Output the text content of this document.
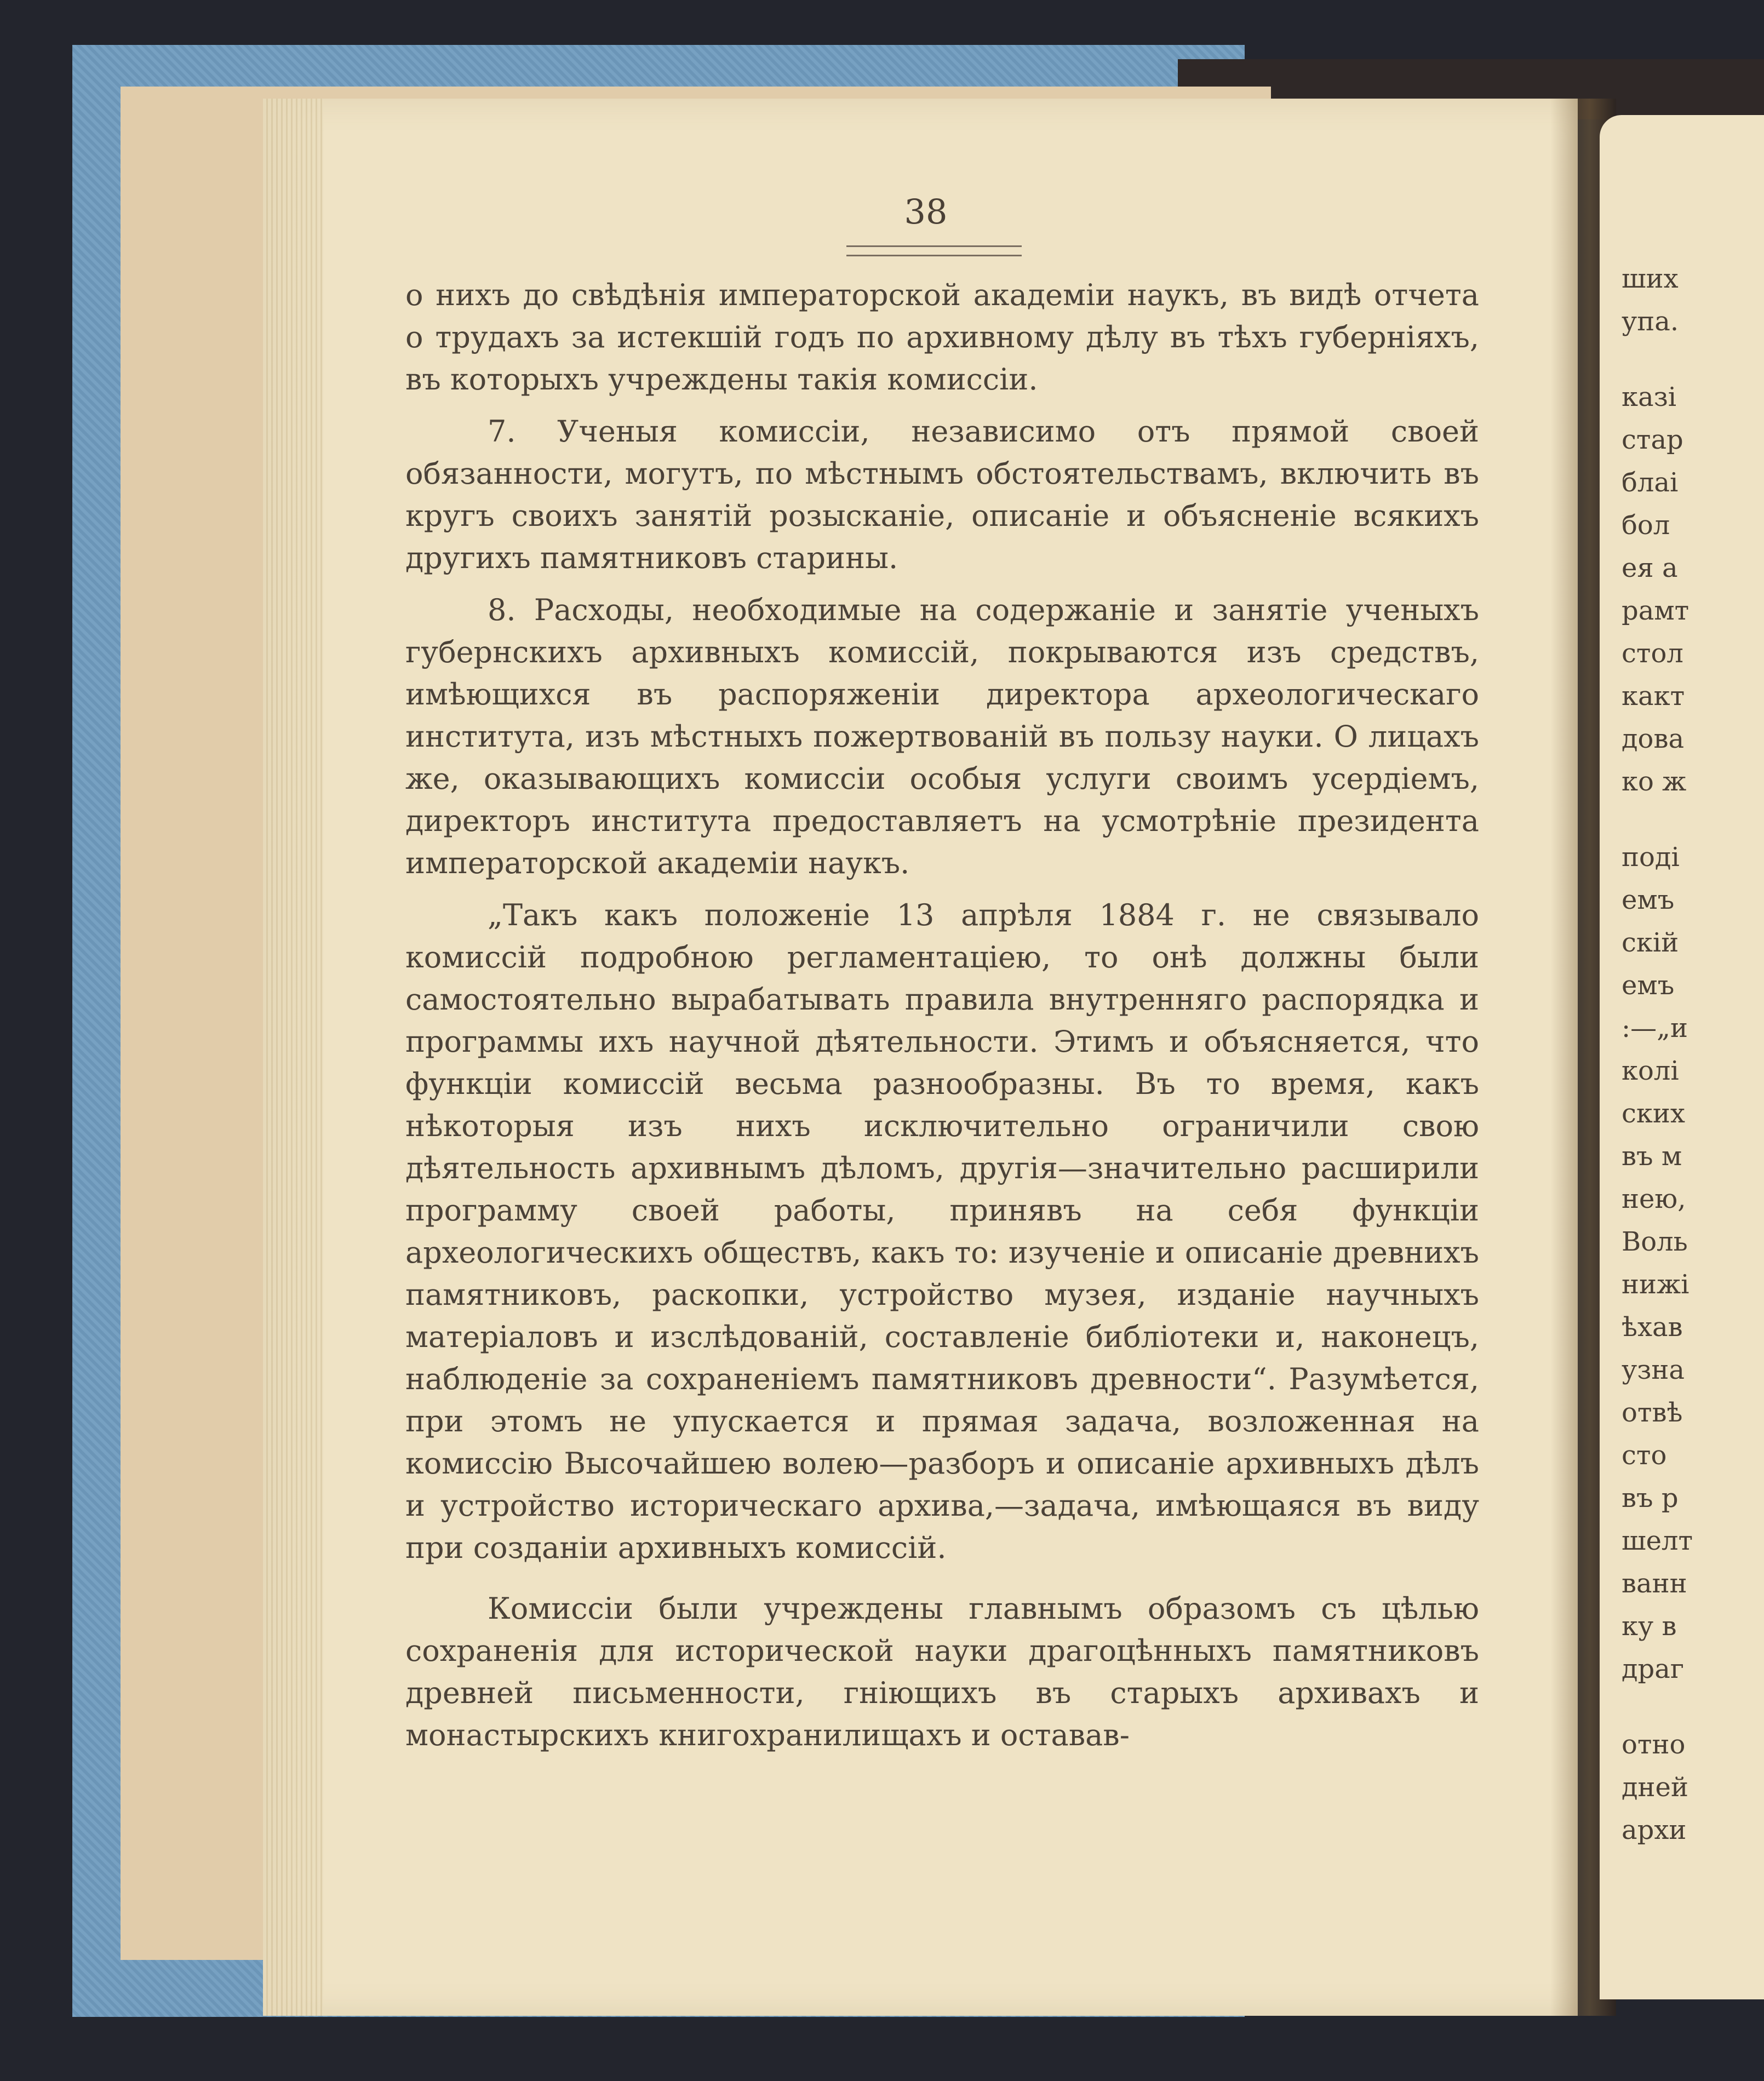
38

о нихъ до свѣдѣнія императорской академіи наукъ, въ видѣ отчета о трудахъ за истекшій годъ по архивному дѣлу въ тѣхъ губерніяхъ, въ которыхъ учреждены такія комиссіи.

7. Ученыя комиссіи, независимо отъ прямой своей обязанности, могутъ, по мѣстнымъ обстоятельствамъ, включить въ кругъ своихъ занятій розысканіе, описаніе и объясненіе всякихъ другихъ памятниковъ старины.

8. Расходы, необходимые на содержаніе и занятіе ученыхъ губернскихъ архивныхъ комиссій, покрываются изъ средствъ, имѣющихся въ распоряженіи директора археологическаго института, изъ мѣстныхъ пожертвованій въ пользу науки. О лицахъ же, оказывающихъ комиссіи особыя услуги своимъ усердіемъ, директоръ института предоставляетъ на усмотрѣніе президента императорской академіи наукъ.

„Такъ какъ положеніе 13 апрѣля 1884 г. не связывало комиссій подробною регламентаціею, то онѣ должны были самостоятельно вырабатывать правила внутренняго распорядка и программы ихъ научной дѣятельности. Этимъ и объясняется, что функціи комиссій весьма разнообразны. Въ то время, какъ нѣкоторыя изъ нихъ исключительно ограничили свою дѣятельность архивнымъ дѣломъ, другія—значительно расширили программу своей работы, принявъ на себя функціи археологическихъ обществъ, какъ то: изученіе и описаніе древнихъ памятниковъ, раскопки, устройство музея, изданіе научныхъ матеріаловъ и изслѣдованій, составленіе библіотеки и, наконецъ, наблюденіе за сохраненіемъ памятниковъ древности“. Разумѣется, при этомъ не упускается и прямая задача, возложенная на комиссію Высочайшею волею—разборъ и описаніе архивныхъ дѣлъ и устройство историческаго архива,—задача, имѣющаяся въ виду при созданіи архивныхъ комиссій.

Комиссіи были учреждены главнымъ образомъ съ цѣлью сохраненія для исторической науки драгоцѣнныхъ памятниковъ древней письменности, гніющихъ въ старыхъ архивахъ и монастырскихъ книгохранилищахъ и оставав-

ших
упа.
казі
стар
блаі
бол
ея а
рамт
стол
какт
дова
ко ж
поді
емъ
скій
емъ
:—„и
колі
ских
въ м
нею,
Воль
нижі
ѣхав
узна
отвѣ
сто
въ р
шелт
ванн
ку в
драг
отно
дней
архи
